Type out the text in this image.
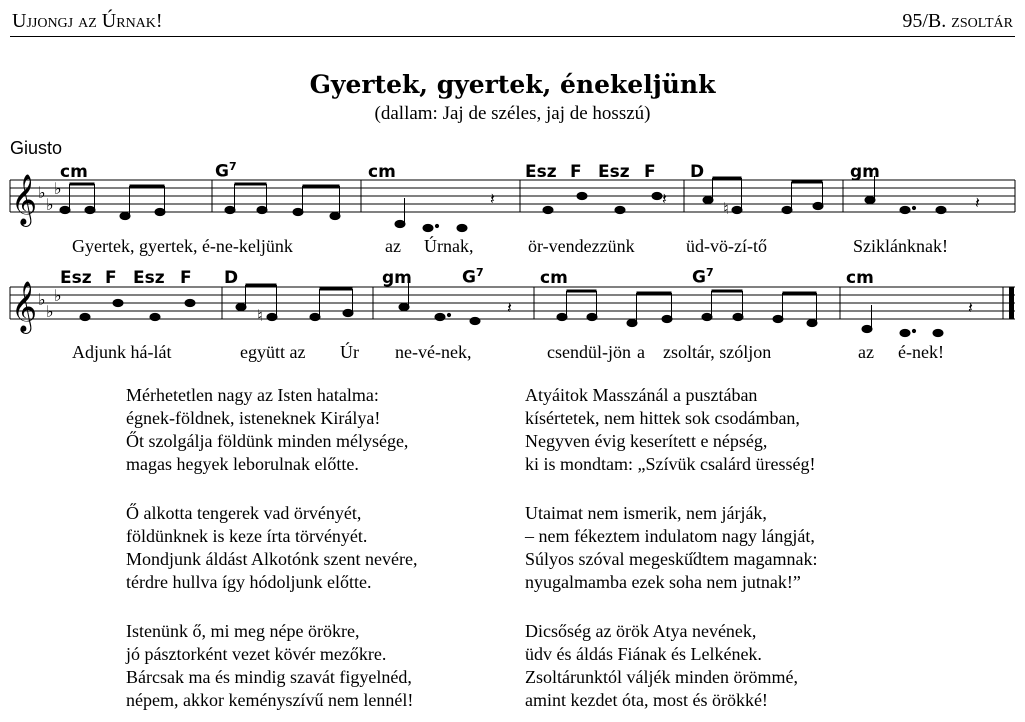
Ujjongj az Úrnak!	95/B. zsoltár
Gyertek, gyertek, énekeljünk
(dallam: Jaj de széles, jaj de hosszú)
Giusto
cm	$G^7$	cm	Esz F Esz F D	gm
Gyertek, gyertek, é-ne-keljünk	az Úrnak,	ör-vendezzünk	üd-vö-zí-tő	Sziklánknak!
Esz F Esz F D	gm	$G^7$	cm	$G^7$	cm
Adjunk há-lát	együtt az Úr ne-vé-nek,	csendül-jön a zsoltár, szóljon	az é-nek!
𝄞
𝄞
♭
♭
♭
♭
♭
♭
♮
♮
𝄽	𝄽	𝄽
𝄽	𝄽
Mérhetetlen nagy az Isten hatalma:
égnek-földnek, isteneknek Királya!
Őt szolgálja földünk minden mélysége,
magas hegyek leborulnak előtte.
Ő alkotta tengerek vad örvényét,
földünknek is keze írta törvényét.
Mondjunk áldást Alkotónk szent nevére,
térdre hullva így hódoljunk előtte.
Istenünk ő, mi meg népe örökre,
jó pásztorként vezet kövér mezőkre.
Bárcsak ma és mindig szavát figyelnéd,
népem, akkor keményszívű nem lennél!
Atyáitok Masszánál a pusztában
kísértetek, nem hittek sok csodámban,
Negyven évig keserített e népség,
ki is mondtam: „Szívük csalárd üresség!
Utaimat nem ismerik, nem járják,
– nem fékeztem indulatom nagy lángját,
Súlyos szóval megeskü̋dtem magamnak:
nyugalmamba ezek soha nem jutnak!”
Dicsőség az örök Atya nevének,
üdv és áldás Fiának és Lelkének.
Zsoltárunktól váljék minden örömmé,
amint kezdet óta, most és örökké!
